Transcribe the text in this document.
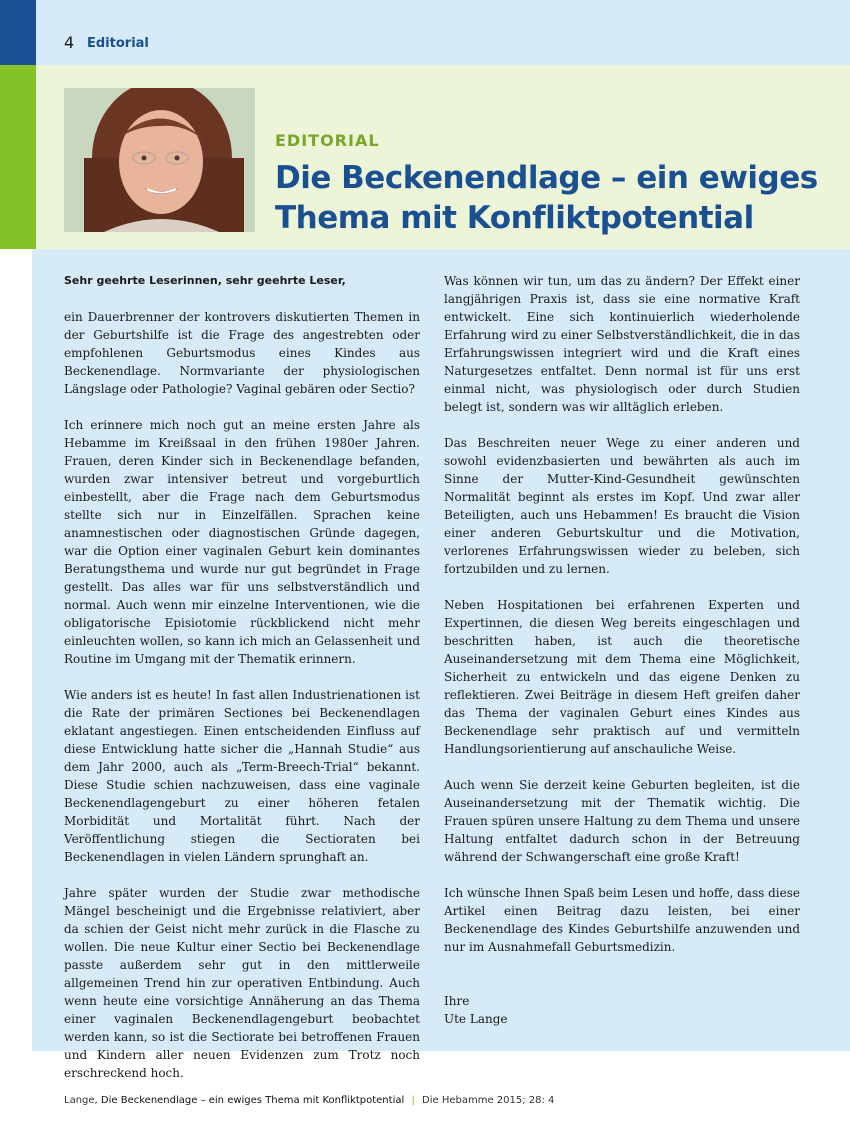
4 Editorial
EDITORIAL
Die Beckenendlage – ein ewiges Thema mit Konfliktpotential

Sehr geehrte Leserinnen, sehr geehrte Leser,

ein Dauerbrenner der kontrovers diskutierten Themen in der Geburtshilfe ist die Frage des angestrebten oder empfohlenen Geburtsmodus eines Kindes aus Beckenendlage. Normvariante der physiologischen Längslage oder Pathologie? Vaginal gebären oder Sectio?

Ich erinnere mich noch gut an meine ersten Jahre als Hebamme im Kreißsaal in den frühen 1980er Jahren. Frauen, deren Kinder sich in Beckenendlage befanden, wurden zwar intensiver betreut und vorgeburtlich einbestellt, aber die Frage nach dem Geburtsmodus stellte sich nur in Einzelfällen. Sprachen keine anamnestischen oder diagnostischen Gründe dagegen, war die Option einer vaginalen Geburt kein dominantes Beratungsthema und wurde nur gut begründet in Frage gestellt. Das alles war für uns selbstverständlich und normal. Auch wenn mir einzelne Interventionen, wie die obligatorische Episiotomie rückblickend nicht mehr einleuchten wollen, so kann ich mich an Gelassenheit und Routine im Umgang mit der Thematik erinnern.

Wie anders ist es heute! In fast allen Industrienationen ist die Rate der primären Sectiones bei Beckenendlagen eklatant angestiegen. Einen entscheidenden Einfluss auf diese Entwicklung hatte sicher die „Hannah Studie“ aus dem Jahr 2000, auch als „Term-Breech-Trial“ bekannt. Diese Studie schien nachzuweisen, dass eine vaginale Beckenendlagengeburt zu einer höheren fetalen Morbidität und Mortalität führt. Nach der Veröffentlichung stiegen die Sectioraten bei Beckenendlagen in vielen Ländern sprunghaft an.

Jahre später wurden der Studie zwar methodische Mängel bescheinigt und die Ergebnisse relativiert, aber da schien der Geist nicht mehr zurück in die Flasche zu wollen. Die neue Kultur einer Sectio bei Beckenendlage passte außerdem sehr gut in den mittlerweile allgemeinen Trend hin zur operativen Entbindung. Auch wenn heute eine vorsichtige Annäherung an das Thema einer vaginalen Beckenendlagengeburt beobachtet werden kann, so ist die Sectiorate bei betroffenen Frauen und Kindern aller neuen Evidenzen zum Trotz noch erschreckend hoch.

Was können wir tun, um das zu ändern? Der Effekt einer langjährigen Praxis ist, dass sie eine normative Kraft entwickelt. Eine sich kontinuierlich wiederholende Erfahrung wird zu einer Selbstverständlichkeit, die in das Erfahrungswissen integriert wird und die Kraft eines Naturgesetzes entfaltet. Denn normal ist für uns erst einmal nicht, was physiologisch oder durch Studien belegt ist, sondern was wir alltäglich erleben.

Das Beschreiten neuer Wege zu einer anderen und sowohl evidenzbasierten und bewährten als auch im Sinne der Mutter-Kind-Gesundheit gewünschten Normalität beginnt als erstes im Kopf. Und zwar aller Beteiligten, auch uns Hebammen! Es braucht die Vision einer anderen Geburtskultur und die Motivation, verlorenes Erfahrungswissen wieder zu beleben, sich fortzubilden und zu lernen.

Neben Hospitationen bei erfahrenen Experten und Expertinnen, die diesen Weg bereits eingeschlagen und beschritten haben, ist auch die theoretische Auseinandersetzung mit dem Thema eine Möglichkeit, Sicherheit zu entwickeln und das eigene Denken zu reflektieren. Zwei Beiträge in diesem Heft greifen daher das Thema der vaginalen Geburt eines Kindes aus Beckenendlage sehr praktisch auf und vermitteln Handlungsorientierung auf anschauliche Weise.

Auch wenn Sie derzeit keine Geburten begleiten, ist die Auseinandersetzung mit der Thematik wichtig. Die Frauen spüren unsere Haltung zu dem Thema und unsere Haltung entfaltet dadurch schon in der Betreuung während der Schwangerschaft eine große Kraft!

Ich wünsche Ihnen Spaß beim Lesen und hoffe, dass diese Artikel einen Beitrag dazu leisten, bei einer Beckenendlage des Kindes Geburtshilfe anzuwenden und nur im Ausnahmefall Geburtsmedizin.

Ihre
Ute Lange

Lange, Die Beckenendlage – ein ewiges Thema mit Konfliktpotential | Die Hebamme 2015; 28: 4
